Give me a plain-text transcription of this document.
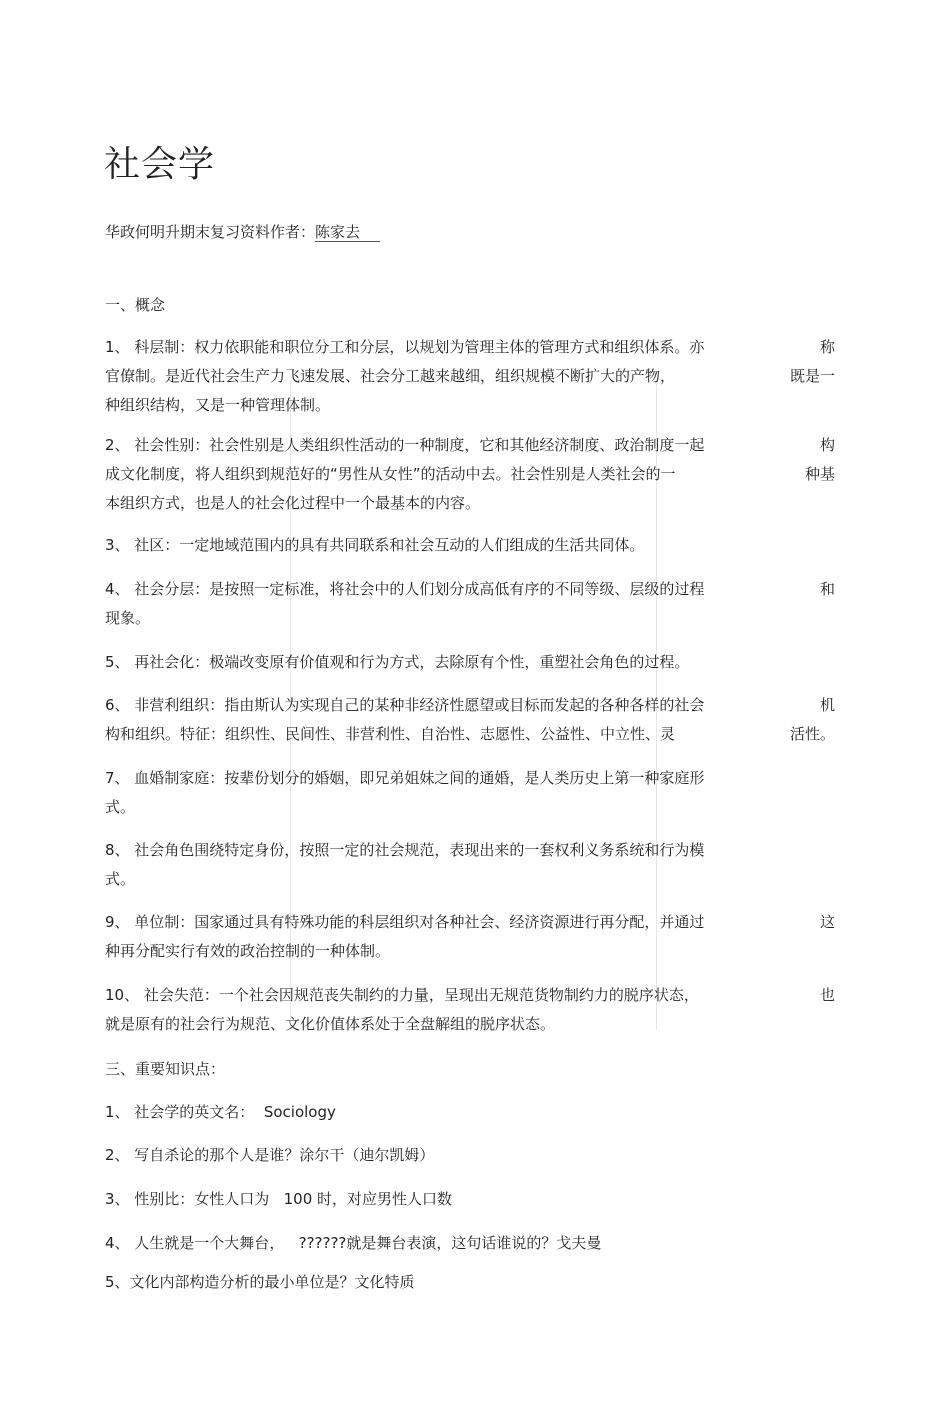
社会学
华政何明升期末复习资料作者：陈家去
一、概念
1、 科层制：权力依职能和职位分工和分层，以规划为管理主体的管理方式和组织体系。亦	称
官僚制。是近代社会生产力飞速发展、社会分工越来越细，组织规模不断扩大的产物，	既是一
种组织结构，又是一种管理体制。
2、 社会性别：社会性别是人类组织性活动的一种制度，它和其他经济制度、政治制度一起	构
成文化制度，将人组织到规范好的“男性从女性”的活动中去。社会性别是人类社会的一	种基
本组织方式，也是人的社会化过程中一个最基本的内容。
3、 社区：一定地域范围内的具有共同联系和社会互动的人们组成的生活共同体。
4、 社会分层：是按照一定标准，将社会中的人们划分成高低有序的不同等级、层级的过程	和
现象。
5、 再社会化：极端改变原有价值观和行为方式，去除原有个性，重塑社会角色的过程。
6、 非营利组织：指由斯认为实现自己的某种非经济性愿望或目标而发起的各种各样的社会	机
构和组织。特征：组织性、民间性、非营利性、自治性、志愿性、公益性、中立性、灵	活性。
7、 血婚制家庭：按辈份划分的婚姻，即兄弟姐妹之间的通婚，是人类历史上第一种家庭形
式。
8、 社会角色围绕特定身份，按照一定的社会规范，表现出来的一套权利义务系统和行为模
式。
9、 单位制：国家通过具有特殊功能的科层组织对各种社会、经济资源进行再分配，并通过	这
种再分配实行有效的政治控制的一种体制。
10、 社会失范：一个社会因规范丧失制约的力量，呈现出无规范货物制约力的脱序状态，	也
就是原有的社会行为规范、文化价值体系处于全盘解组的脱序状态。
三、重要知识点：
1、 社会学的英文名：  Sociology
2、 写自杀论的那个人是谁？涂尔干（迪尔凯姆）
3、 性别比：女性人口为   100 时，对应男性人口数
4、 人生就是一个大舞台，   ??????就是舞台表演，这句话谁说的？戈夫曼
5、文化内部构造分析的最小单位是？文化特质
